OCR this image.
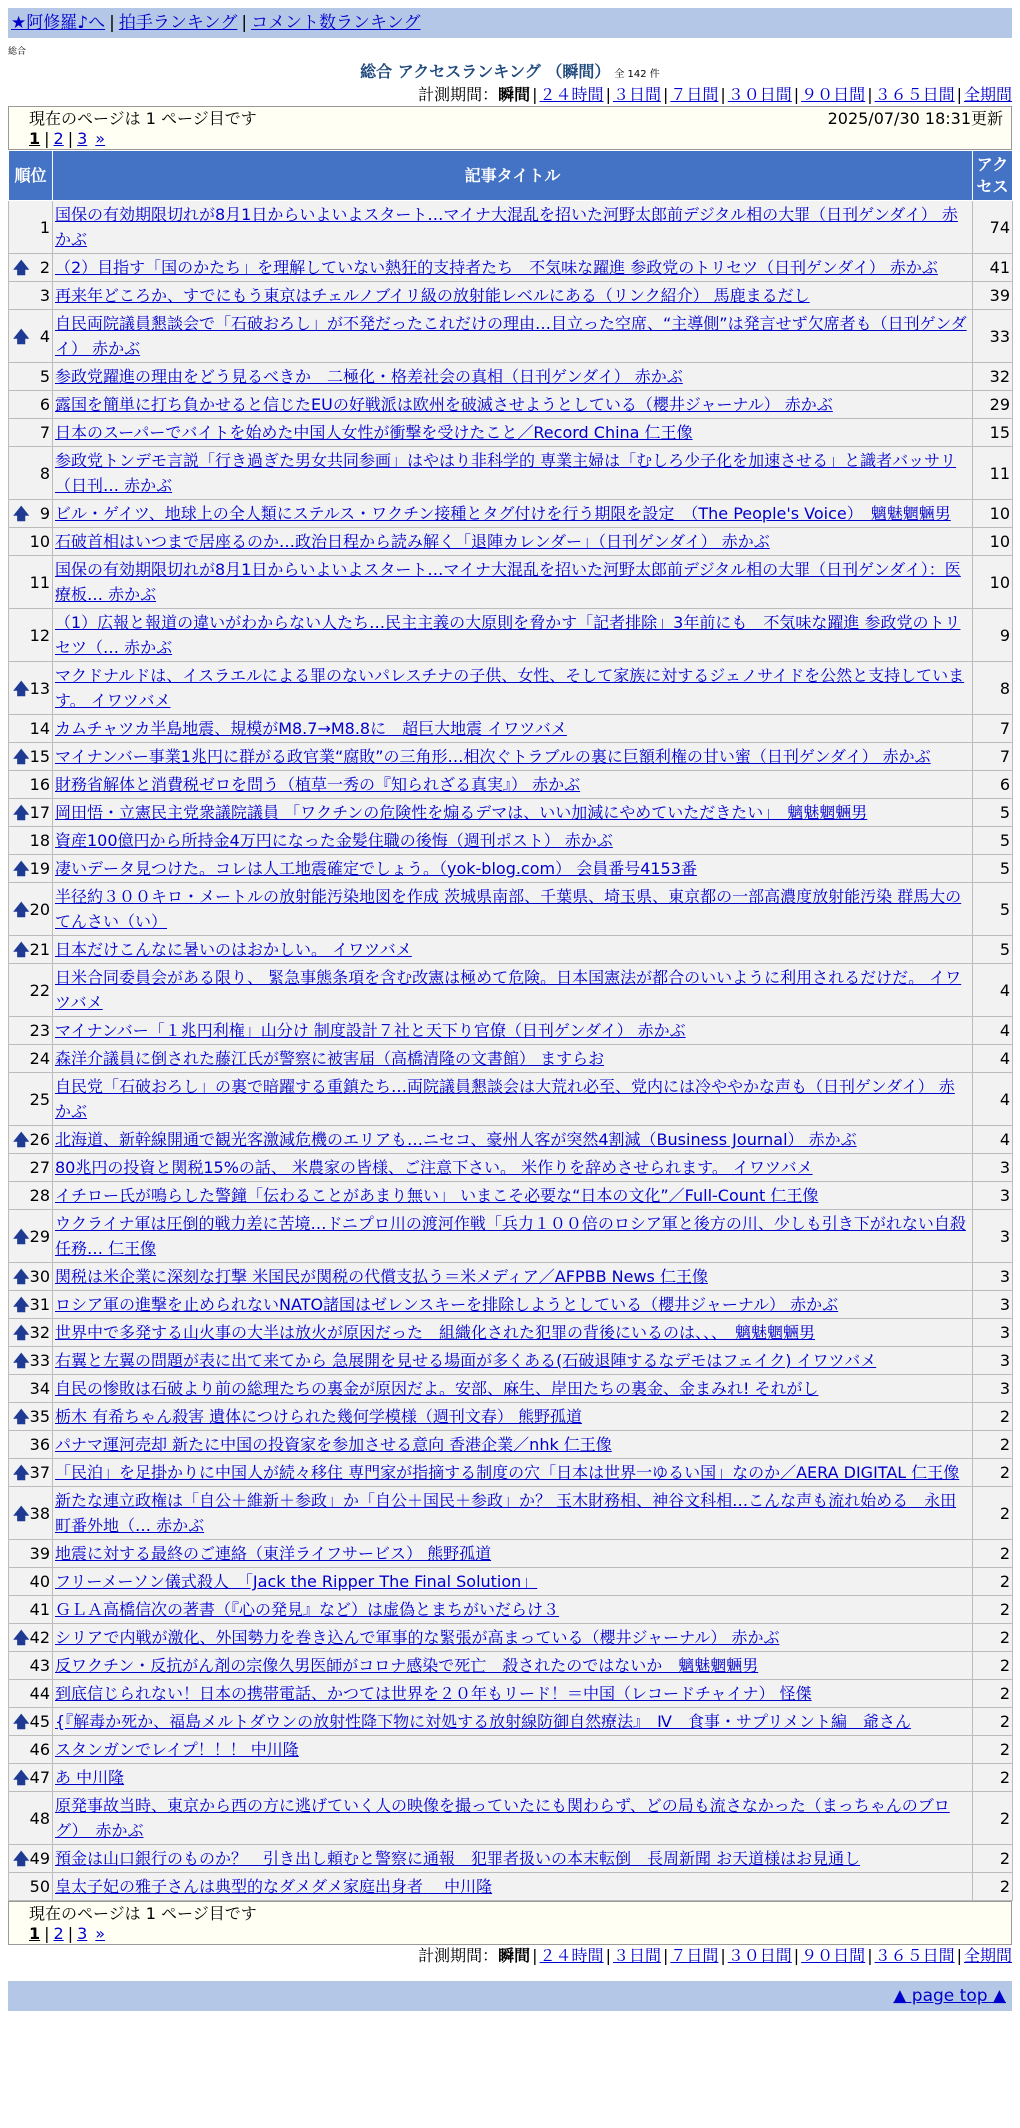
★阿修羅♪へ | 拍手ランキング | コメント数ランキング
総合
総合 アクセスランキング （瞬間） 全 142 件
計測期間：瞬間 | ２４時間 | ３日間 | ７日間 | ３０日間 | ９０日間 | ３６５日間 | 全期間
現在のページは 1 ページ目です	2025/07/30 18:31更新
1 | 2 | 3 »
順位	記事タイトル	アクセス
1	国保の有効期限切れが8月1日からいよいよスタート…マイナ大混乱を招いた河野太郎前デジタル相の大罪（日刊ゲンダイ） 赤かぶ	74

🡅 2	（2）目指す「国のかたち」を理解していない熱狂的支持者たち　不気味な躍進 参政党のトリセツ（日刊ゲンダイ） 赤かぶ	41
3	再来年どころか、すでにもう東京はチェルノブイリ級の放射能レベルにある（リンク紹介） 馬鹿まるだし	39

🡅 4	自民両院議員懇談会で「石破おろし」が不発だったこれだけの理由…目立った空席、“主導側”は発言せず欠席者も（日刊ゲンダイ） 赤かぶ	33
5	参政党躍進の理由をどう見るべきか　二極化・格差社会の真相（日刊ゲンダイ） 赤かぶ	32
6	露国を簡単に打ち負かせると信じたEUの好戦派は欧州を破滅させようとしている（櫻井ジャーナル） 赤かぶ	29
7	日本のスーパーでバイトを始めた中国人女性が衝撃を受けたこと／Record China 仁王像	15
8	参政党トンデモ言説「行き過ぎた男女共同参画」はやはり非科学的 専業主婦は「むしろ少子化を加速させる」と識者バッサリ（日刊… 赤かぶ	11

🡅 9	ビル・ゲイツ、地球上の全人類にステルス・ワクチン接種とタグ付けを行う期限を設定　（The People's Voice）　魑魅魍魎男	10
10	石破首相はいつまで居座るのか…政治日程から読み解く「退陣カレンダー」（日刊ゲンダイ） 赤かぶ	10
11	国保の有効期限切れが8月1日からいよいよスタート…マイナ大混乱を招いた河野太郎前デジタル相の大罪（日刊ゲンダイ）：医療板… 赤かぶ	10
12	（1）広報と報道の違いがわからない人たち…民主主義の大原則を脅かす「記者排除」3年前にも　不気味な躍進 参政党のトリセツ（… 赤かぶ	9

🡅 13	マクドナルドは、イスラエルによる罪のないパレスチナの子供、女性、そして家族に対するジェノサイドを公然と支持しています。 イワツバメ	8
14	カムチャツカ半島地震、規模がM8.7→M8.8に　超巨大地震 イワツバメ	7

🡅 15	マイナンバー事業1兆円に群がる政官業“腐敗”の三角形…相次ぐトラブルの裏に巨額利権の甘い蜜（日刊ゲンダイ） 赤かぶ	7
16	財務省解体と消費税ゼロを問う（植草一秀の『知られざる真実』） 赤かぶ	6

🡅 17	岡田悟・立憲民主党衆議院議員 「ワクチンの危険性を煽るデマは、いい加減にやめていただきたい」　魑魅魍魎男	5
18	資産100億円から所持金4万円になった金髪住職の後悔（週刊ポスト） 赤かぶ	5

🡅 19	凄いデータ見つけた。コレは人工地震確定でしょう。（yok-blog.com） 会員番号4153番	5

🡅 20	半径約３００キロ・メートルの放射能汚染地図を作成 茨城県南部、千葉県、埼玉県、東京都の一部高濃度放射能汚染 群馬大のてんさい（い）	5

🡅 21	日本だけこんなに暑いのはおかしい。 イワツバメ	5
22	日米合同委員会がある限り、 緊急事態条項を含む改憲は極めて危険。日本国憲法が都合のいいように利用されるだけだ。 イワツバメ	4
23	マイナンバー「１兆円利権」山分け 制度設計７社と天下り官僚（日刊ゲンダイ） 赤かぶ	4
24	森洋介議員に倒された藤江氏が警察に被害届（高橋清隆の文書館） ますらお	4
25	自民党「石破おろし」の裏で暗躍する重鎮たち…両院議員懇談会は大荒れ必至、党内には冷ややかな声も（日刊ゲンダイ） 赤かぶ	4

🡅 26	北海道、新幹線開通で観光客激減危機のエリアも…ニセコ、豪州人客が突然4割減（Business Journal） 赤かぶ	4
27	80兆円の投資と関税15%の話、 米農家の皆様、ご注意下さい。 米作りを辞めさせられます。 イワツバメ	3
28	イチロー氏が鳴らした警鐘「伝わることがあまり無い」 いまこそ必要な“日本の文化”／Full-Count 仁王像	3

🡅 29	ウクライナ軍は圧倒的戦力差に苦境…ドニプロ川の渡河作戦「兵力１００倍のロシア軍と後方の川、少しも引き下がれない自殺任務… 仁王像	3

🡅 30	関税は米企業に深刻な打撃 米国民が関税の代償支払う＝米メディア／AFPBB News 仁王像	3

🡅 31	ロシア軍の進撃を止められないNATO諸国はゼレンスキーを排除しようとしている（櫻井ジャーナル） 赤かぶ	3

🡅 32	世界中で多発する山火事の大半は放火が原因だった　組織化された犯罪の背後にいるのは、、、　魑魅魍魎男	3

🡅 33	右翼と左翼の問題が表に出て来てから 急展開を見せる場面が多くある(石破退陣するなデモはフェイク) イワツバメ	3
34	自民の惨敗は石破より前の総理たちの裏金が原因だよ。安部、麻生、岸田たちの裏金、金まみれ! それがし	3

🡅 35	栃木 有希ちゃん殺害 遺体につけられた幾何学模様（週刊文春） 熊野孤道	2
36	パナマ運河売却 新たに中国の投資家を参加させる意向 香港企業／nhk 仁王像	2

🡅 37	「民泊」を足掛かりに中国人が続々移住 専門家が指摘する制度の穴「日本は世界一ゆるい国」なのか／AERA DIGITAL 仁王像	2

🡅 38	新たな連立政権は「自公＋維新＋参政」か「自公＋国民＋参政」か？ 玉木財務相、神谷文科相…こんな声も流れ始める　永田町番外地（… 赤かぶ	2
39	地震に対する最終のご連絡（東洋ライフサービス） 熊野孤道	2
40	フリーメーソン儀式殺人　「Jack the Ripper The Final Solution」	2
41	ＧＬＡ高橋信次の著書（『心の発見』など）は虚偽とまちがいだらけ３	2

🡅 42	シリアで内戦が激化、外国勢力を巻き込んで軍事的な緊張が高まっている（櫻井ジャーナル） 赤かぶ	2
43	反ワクチン・反抗がん剤の宗像久男医師がコロナ感染で死亡　殺されたのではないか　魑魅魍魎男	2
44	到底信じられない！日本の携帯電話、かつては世界を２０年もリード！＝中国（レコードチャイナ） 怪傑	2

🡅 45	{『解毒か死か、福島メルトダウンの放射性降下物に対処する放射線防御自然療法』　Ⅳ　食事・サプリメント編　爺さん	2
46	スタンガンでレイプ！！！ 中川隆	2

🡅 47	あ 中川隆	2
48	原発事故当時、東京から西の方に逃げていく人の映像を撮っていたにも関わらず、どの局も流さなかった（まっちゃんのブログ）　赤かぶ	2

🡅 49	預金は山口銀行のものか？　引き出し頼むと警察に通報　犯罪者扱いの本末転倒　長周新聞 お天道様はお見通し	2
50	皇太子妃の雅子さんは典型的なダメダメ家庭出身者　 中川隆	2
現在のページは 1 ページ目です
1 | 2 | 3 »
計測期間：瞬間 | ２４時間 | ３日間 | ７日間 | ３０日間 | ９０日間 | ３６５日間 | 全期間
▲ page top ▲
